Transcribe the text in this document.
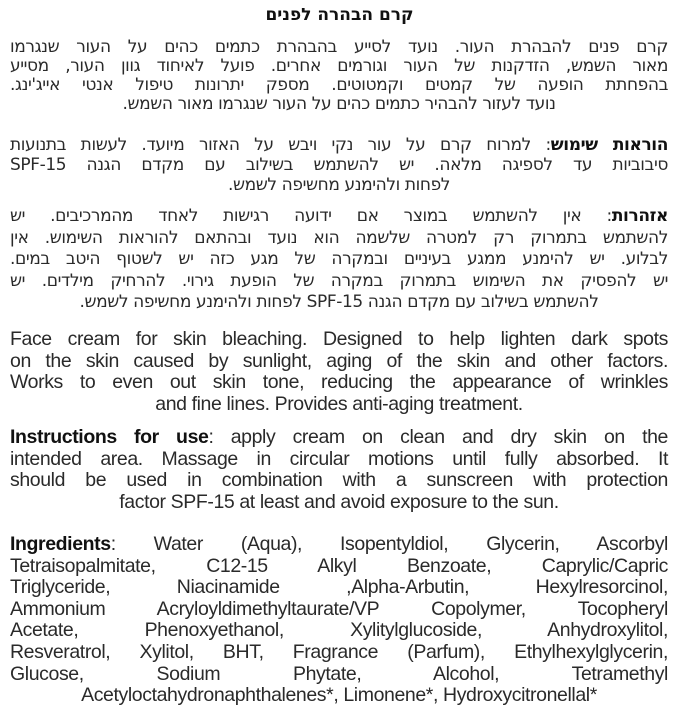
קרם הבהרה לפנים
קרם פנים להבהרת העור. נועד לסייע בהבהרת כתמים כהים על העור שנגרמו
מאור השמש, הזדקנות של העור וגורמים אחרים. פועל לאיחוד גוון העור, מסייע
בהפחתת הופעה של קמטים וקמטוטים. מספק יתרונות טיפול אנטי אייג'ינג.
נועד לעזור להבהיר כתמים כהים על העור שנגרמו מאור השמש.
הוראות שימוש: למרוח קרם על עור נקי ויבש על האזור מיועד. לעשות בתנועות
סיבוביות עד לספיגה מלאה. יש להשתמש בשילוב עם מקדם הגנה SPF-15
לפחות ולהימנע מחשיפה לשמש.
אזהרות: אין להשתמש במוצר אם ידועה רגישות לאחד מהמרכיבים. יש
להשתמש בתמרוק רק למטרה שלשמה הוא נועד ובהתאם להוראות השימוש. אין
לבלוע. יש להימנע ממגע בעיניים ובמקרה של מגע כזה יש לשטוף היטב במים.
יש להפסיק את השימוש בתמרוק במקרה של הופעת גירוי. להרחיק מילדים. יש
להשתמש בשילוב עם מקדם הגנה SPF-15 לפחות ולהימנע מחשיפה לשמש.
Face cream for skin bleaching. Designed to help lighten dark spots
on the skin caused by sunlight, aging of the skin and other factors.
Works to even out skin tone, reducing the appearance of wrinkles
and fine lines. Provides anti-aging treatment.
Instructions for use: apply cream on clean and dry skin on the
intended area. Massage in circular motions until fully absorbed. It
should be used in combination with a sunscreen with protection
factor SPF-15 at least and avoid exposure to the sun.
Ingredients: Water (Aqua), Isopentyldiol, Glycerin, Ascorbyl
Tetraisopalmitate, C12-15 Alkyl Benzoate, Caprylic/Capric
Triglyceride, Niacinamide ,Alpha-Arbutin, Hexylresorcinol,
Ammonium Acryloyldimethyltaurate/VP Copolymer, Tocopheryl
Acetate, Phenoxyethanol, Xylitylglucoside, Anhydroxylitol,
Resveratrol, Xylitol, BHT, Fragrance (Parfum), Ethylhexylglycerin,
Glucose, Sodium Phytate, Alcohol, Tetramethyl
Acetyloctahydronaphthalenes*, Limonene*, Hydroxycitronellal*
